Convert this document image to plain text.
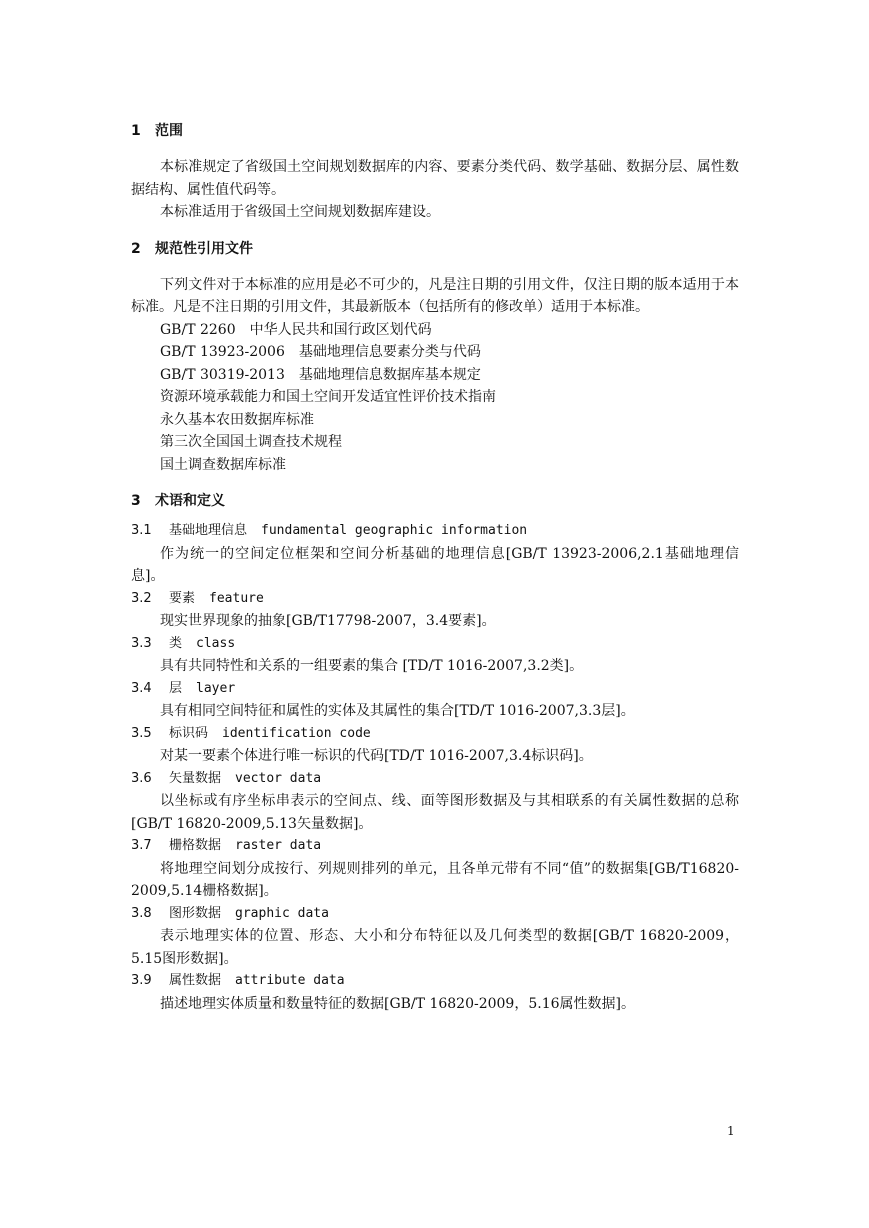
1 范围

本标准规定了省级国土空间规划数据库的内容、要素分类代码、数学基础、数据分层、属性数据结构、属性值代码等。

本标准适用于省级国土空间规划数据库建设。

2 规范性引用文件

下列文件对于本标准的应用是必不可少的，凡是注日期的引用文件，仅注日期的版本适用于本标准。凡是不注日期的引用文件，其最新版本（包括所有的修改单）适用于本标准。

GB/T 2260　中华人民共和国行政区划代码

GB/T 13923-2006　基础地理信息要素分类与代码

GB/T 30319-2013　基础地理信息数据库基本规定

资源环境承载能力和国土空间开发适宜性评价技术指南

永久基本农田数据库标准

第三次全国国土调查技术规程

国土调查数据库标准

3 术语和定义

3.1 基础地理信息 fundamental geographic information

作为统一的空间定位框架和空间分析基础的地理信息[GB/T 13923-2006,2.1基础地理信息]。

3.2 要素 feature

现实世界现象的抽象[GB/T17798-2007，3.4要素]。

3.3 类 class

具有共同特性和关系的一组要素的集合 [TD/T 1016-2007,3.2类]。

3.4 层 layer

具有相同空间特征和属性的实体及其属性的集合[TD/T 1016-2007,3.3层]。

3.5 标识码 identification code

对某一要素个体进行唯一标识的代码[TD/T 1016-2007,3.4标识码]。

3.6 矢量数据 vector data

以坐标或有序坐标串表示的空间点、线、面等图形数据及与其相联系的有关属性数据的总称[GB/T 16820-2009,5.13矢量数据]。

3.7 栅格数据 raster data

将地理空间划分成按行、列规则排列的单元，且各单元带有不同“值”的数据集[GB/T16820-2009,5.14栅格数据]。

3.8 图形数据 graphic data

表示地理实体的位置、形态、大小和分布特征以及几何类型的数据[GB/T 16820-2009，5.15图形数据]。

3.9 属性数据 attribute data

描述地理实体质量和数量特征的数据[GB/T 16820-2009，5.16属性数据]。

1
